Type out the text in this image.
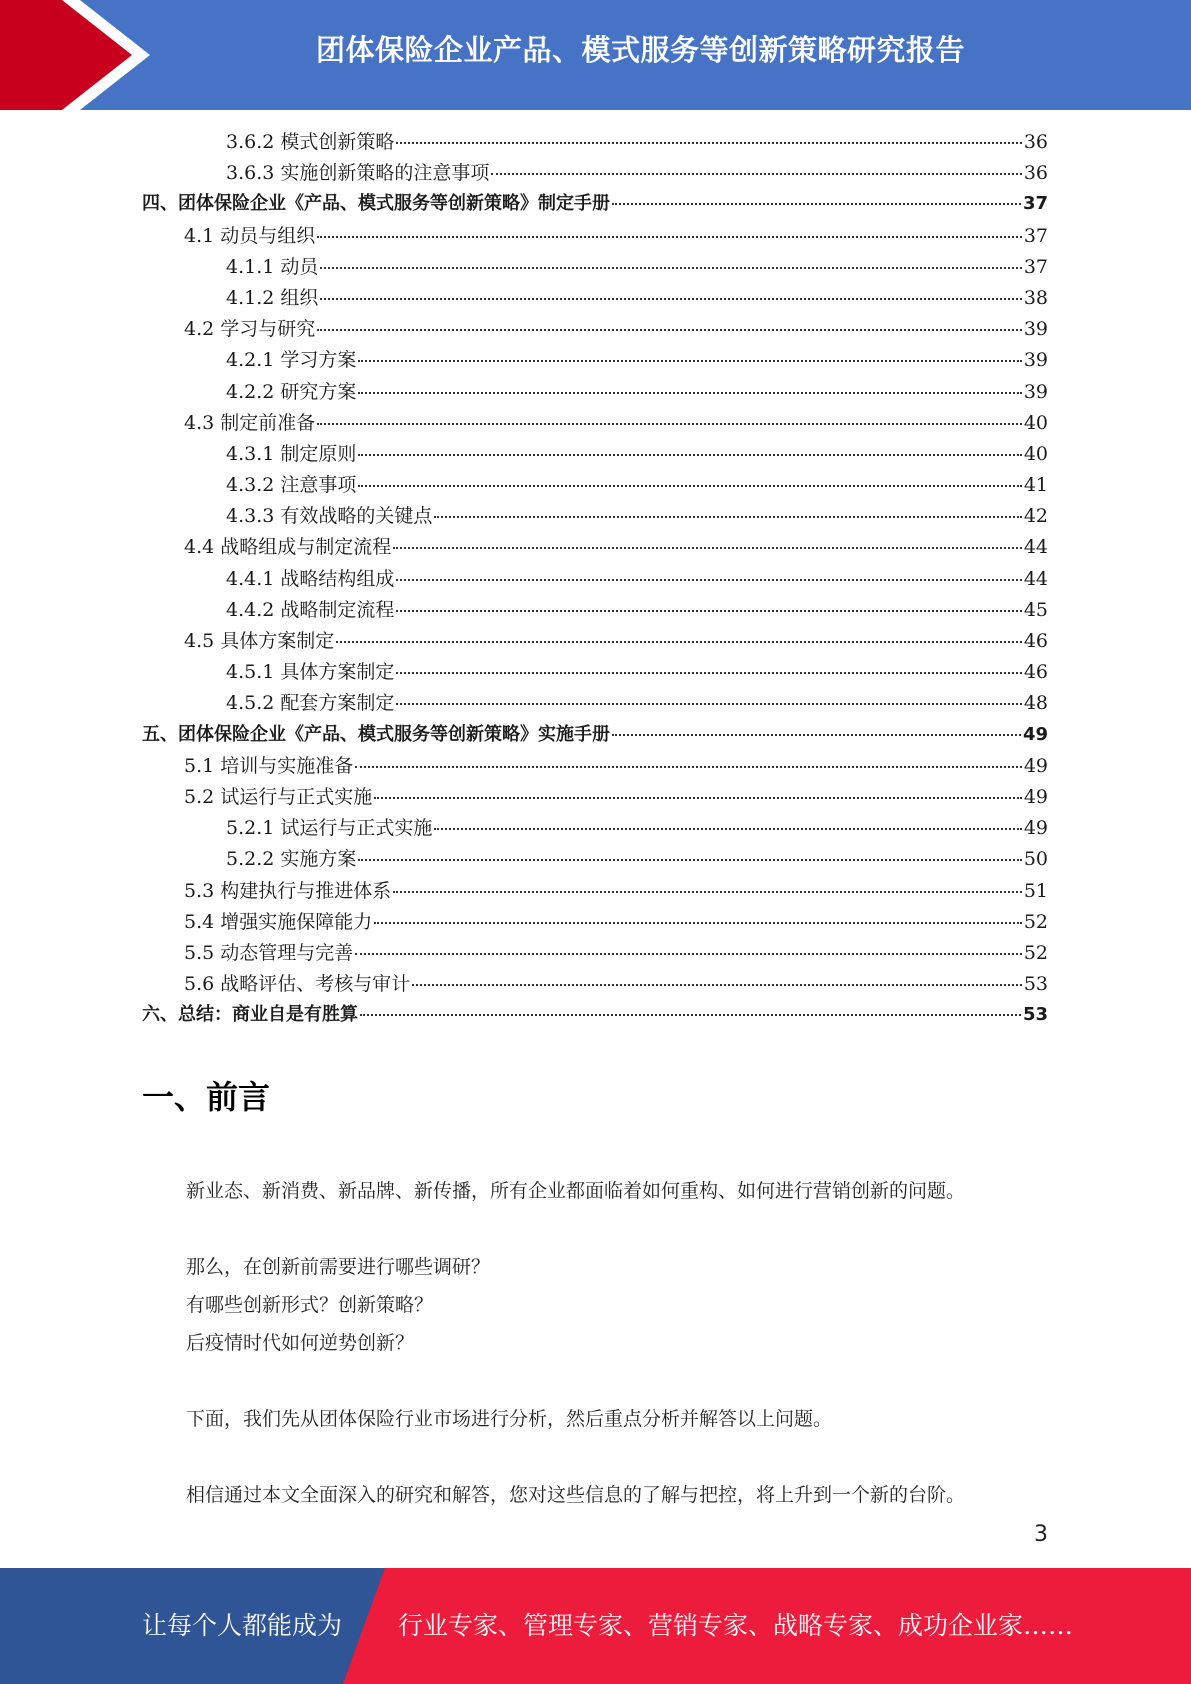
团体保险企业产品、模式服务等创新策略研究报告
3.6.2 模式创新策略	36
3.6.3 实施创新策略的注意事项	36
四、团体保险企业《产品、模式服务等创新策略》制定手册	37
4.1 动员与组织	37
4.1.1 动员	37
4.1.2 组织	38
4.2 学习与研究	39
4.2.1 学习方案	39
4.2.2 研究方案	39
4.3 制定前准备	40
4.3.1 制定原则	40
4.3.2 注意事项	41
4.3.3 有效战略的关键点	42
4.4 战略组成与制定流程	44
4.4.1 战略结构组成	44
4.4.2 战略制定流程	45
4.5 具体方案制定	46
4.5.1 具体方案制定	46
4.5.2 配套方案制定	48
五、团体保险企业《产品、模式服务等创新策略》实施手册	49
5.1 培训与实施准备	49
5.2 试运行与正式实施	49
5.2.1 试运行与正式实施	49
5.2.2 实施方案	50
5.3 构建执行与推进体系	51
5.4 增强实施保障能力	52
5.5 动态管理与完善	52
5.6 战略评估、考核与审计	53
六、总结：商业自是有胜算	53
一、前言
新业态、新消费、新品牌、新传播，所有企业都面临着如何重构、如何进行营销创新的问题。
那么，在创新前需要进行哪些调研？
有哪些创新形式？创新策略？
后疫情时代如何逆势创新？
下面，我们先从团体保险行业市场进行分析，然后重点分析并解答以上问题。
相信通过本文全面深入的研究和解答，您对这些信息的了解与把控，将上升到一个新的台阶。
3
让每个人都能成为 行业专家、管理专家、营销专家、战略专家、成功企业家……
